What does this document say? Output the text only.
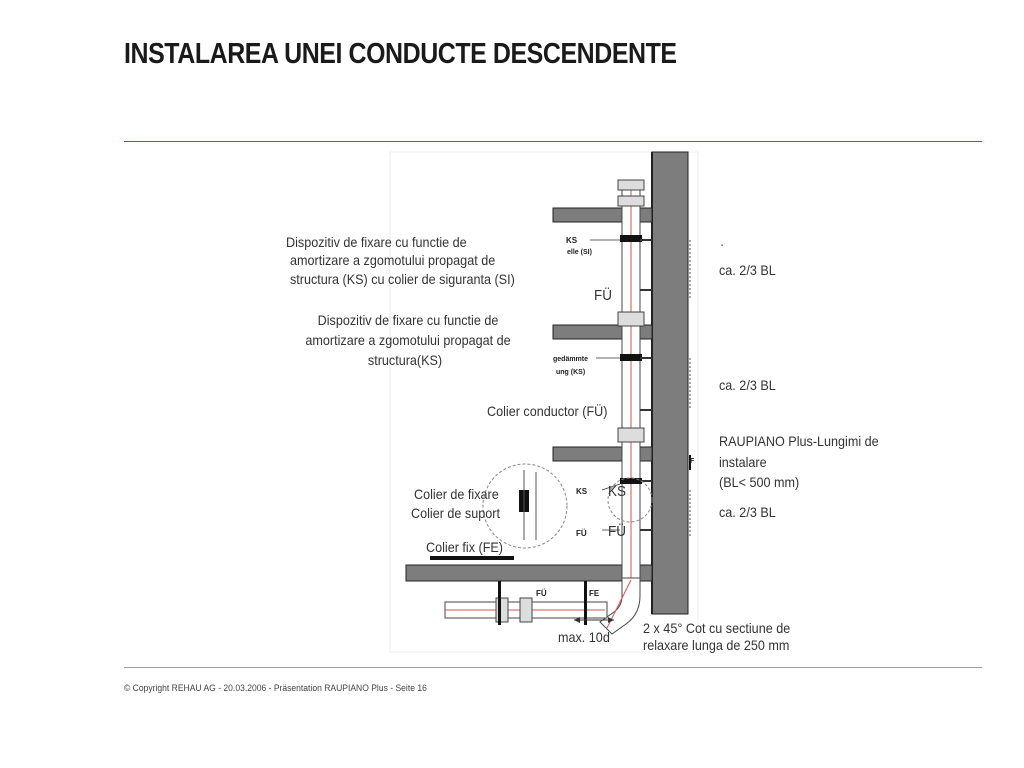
INSTALAREA UNEI CONDUCTE DESCENDENTE
KS
elle (SI)
gedämmte
ung (KS)
KS
FÜ
FÜ	FE
F
Dispozitiv de fixare cu functie de
amortizare a zgomotului propagat de
structura (KS) cu colier de siguranta (SI)
Dispozitiv de fixare cu functie de
amortizare a zgomotului propagat de
structura(KS)
FÜ
Colier conductor (FÜ)
Colier de fixare
Colier de suport
Colier fix (FE)
KS
FÜ
·
ca. 2/3 BL
ca. 2/3 BL
RAUPIANO Plus-Lungimi de
instalare
(BL< 500 mm)
ca. 2/3 BL
max. 10d
2 x 45° Cot cu sectiune de
relaxare lunga de 250 mm
© Copyright REHAU AG - 20.03.2006 - Präsentation RAUPIANO Plus - Seite 16
